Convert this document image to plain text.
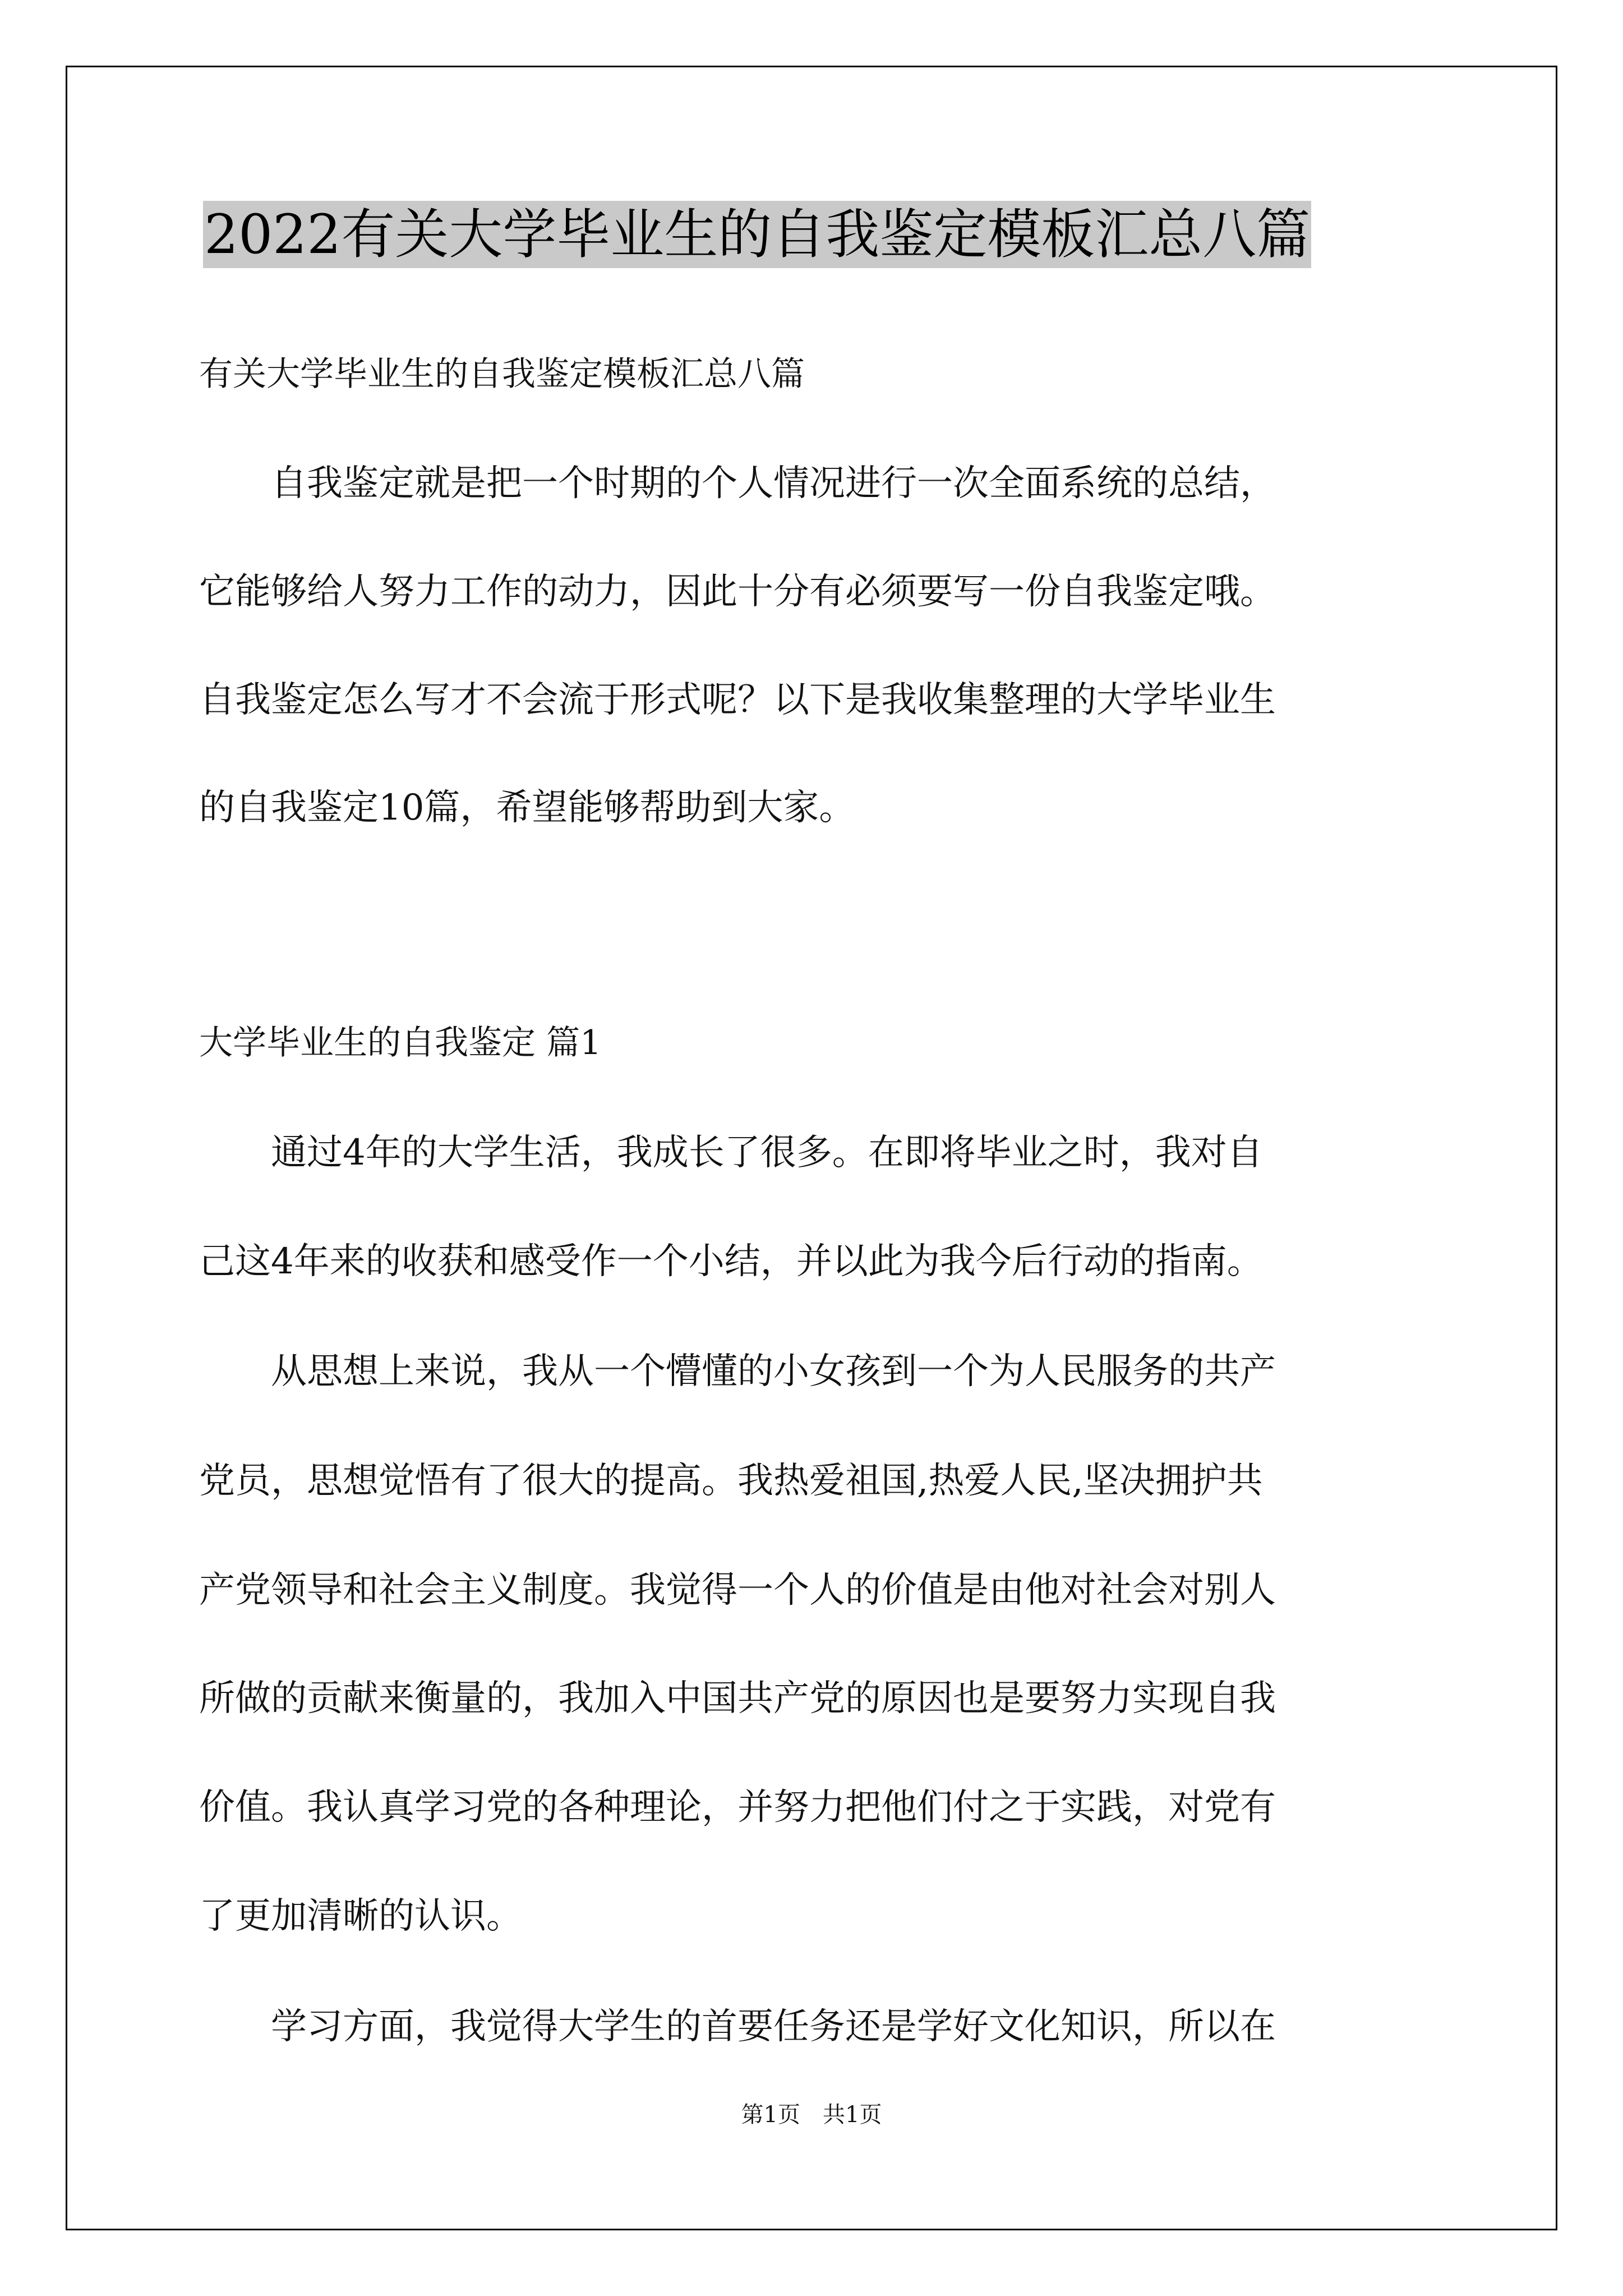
2022有关大学毕业生的自我鉴定模板汇总八篇
有关大学毕业生的自我鉴定模板汇总八篇
　　自我鉴定就是把一个时期的个人情况进行一次全面系统的总结，
它能够给人努力工作的动力，因此十分有必须要写一份自我鉴定哦。
自我鉴定怎么写才不会流于形式呢？以下是我收集整理的大学毕业生
的自我鉴定10篇，希望能够帮助到大家。
大学毕业生的自我鉴定 篇1
　　通过4年的大学生活，我成长了很多。在即将毕业之时，我对自
己这4年来的收获和感受作一个小结，并以此为我今后行动的指南。
　　从思想上来说，我从一个懵懂的小女孩到一个为人民服务的共产
党员，思想觉悟有了很大的提高。我热爱祖国,热爱人民,坚决拥护共
产党领导和社会主义制度。我觉得一个人的价值是由他对社会对别人
所做的贡献来衡量的，我加入中国共产党的原因也是要努力实现自我
价值。我认真学习党的各种理论，并努力把他们付之于实践，对党有
了更加清晰的认识。
　　学习方面，我觉得大学生的首要任务还是学好文化知识，所以在
第1页　共1页
